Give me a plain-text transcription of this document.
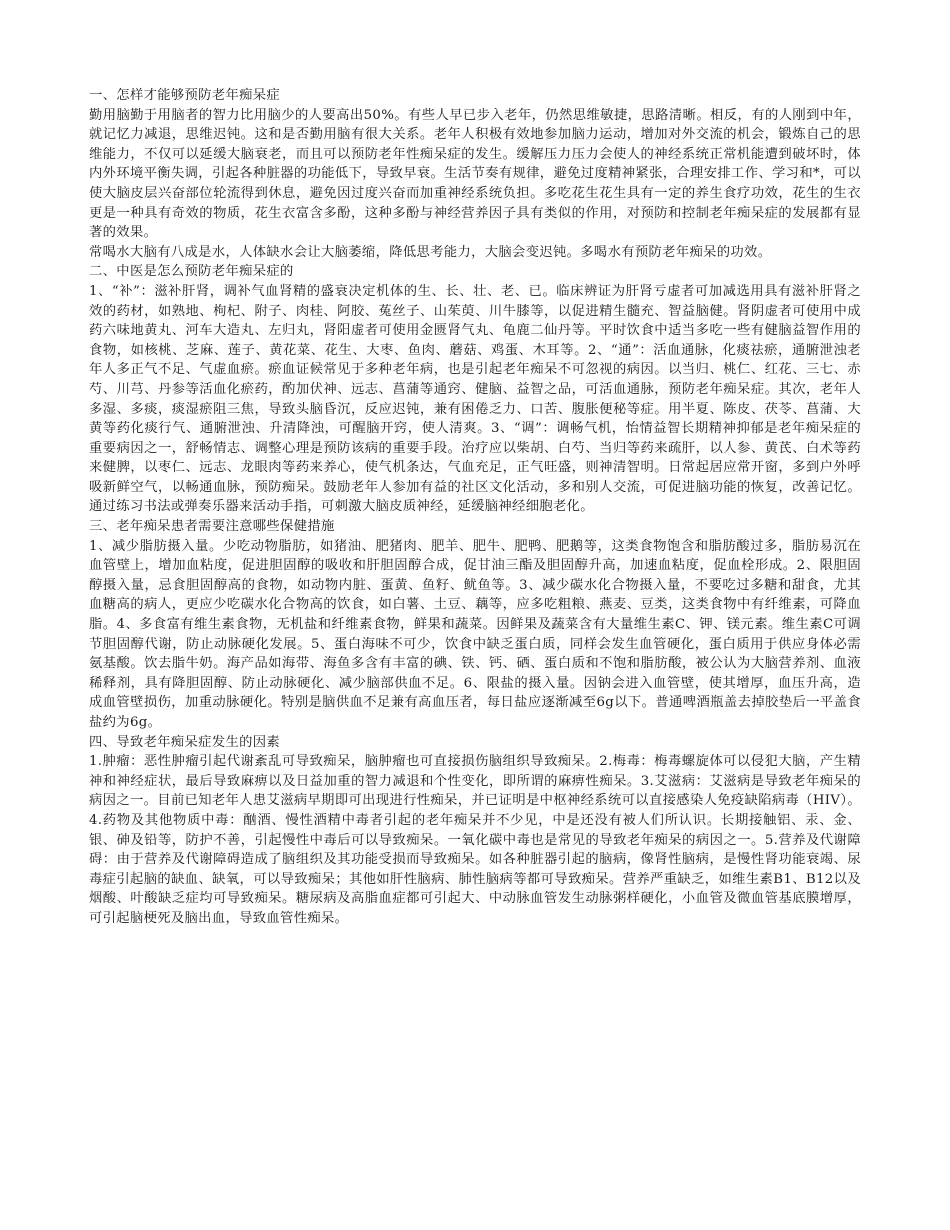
一、怎样才能够预防老年痴呆症

勤用脑勤于用脑者的智力比用脑少的人要高出50%。有些人早已步入老年，仍然思维敏捷，思路清晰。相反，有的人刚到中年，就记忆力减退，思维迟钝。这和是否勤用脑有很大关系。老年人积极有效地参加脑力运动，增加对外交流的机会，锻炼自己的思维能力，不仅可以延缓大脑衰老，而且可以预防老年性痴呆症的发生。缓解压力压力会使人的神经系统正常机能遭到破坏时，体内外环境平衡失调，引起各种脏器的功能低下，导致早衰。生活节奏有规律，避免过度精神紧张，合理安排工作、学习和*，可以使大脑皮层兴奋部位轮流得到休息，避免因过度兴奋而加重神经系统负担。多吃花生花生具有一定的养生食疗功效，花生的生衣更是一种具有奇效的物质，花生衣富含多酚，这种多酚与神经营养因子具有类似的作用，对预防和控制老年痴呆症的发展都有显著的效果。

常喝水大脑有八成是水，人体缺水会让大脑萎缩，降低思考能力，大脑会变迟钝。多喝水有预防老年痴呆的功效。

二、中医是怎么预防老年痴呆症的

1、“补”：滋补肝肾，调补气血肾精的盛衰决定机体的生、长、壮、老、已。临床辨证为肝肾亏虚者可加减选用具有滋补肝肾之效的药材，如熟地、枸杞、附子、肉桂、阿胶、菟丝子、山茱萸、川牛膝等，以促进精生髓充、智益脑健。肾阴虚者可使用中成药六味地黄丸、河车大造丸、左归丸，肾阳虚者可使用金匮肾气丸、龟鹿二仙丹等。平时饮食中适当多吃一些有健脑益智作用的食物，如核桃、芝麻、莲子、黄花菜、花生、大枣、鱼肉、蘑菇、鸡蛋、木耳等。2、“通”：活血通脉，化痰祛瘀，通腑泄浊老年人多正气不足、气虚血瘀。瘀血证候常见于多种老年病，也是引起老年痴呆不可忽视的病因。以当归、桃仁、红花、三七、赤芍、川芎、丹参等活血化瘀药，酌加伏神、远志、菖蒲等通窍、健脑、益智之品，可活血通脉，预防老年痴呆症。其次，老年人多湿、多痰，痰湿瘀阻三焦，导致头脑昏沉，反应迟钝，兼有困倦乏力、口苦、腹胀便秘等症。用半夏、陈皮、茯苓、菖蒲、大黄等药化痰行气、通腑泄浊、升清降浊，可醒脑开窍，使人清爽。3、“调”：调畅气机，怡情益智长期精神抑郁是老年痴呆症的重要病因之一，舒畅情志、调整心理是预防该病的重要手段。治疗应以柴胡、白芍、当归等药来疏肝，以人参、黄芪、白术等药来健脾，以枣仁、远志、龙眼肉等药来养心，使气机条达，气血充足，正气旺盛，则神清智明。日常起居应常开窗，多到户外呼吸新鲜空气，以畅通血脉，预防痴呆。鼓励老年人参加有益的社区文化活动，多和别人交流，可促进脑功能的恢复，改善记忆。通过练习书法或弹奏乐器来活动手指，可刺激大脑皮质神经，延缓脑神经细胞老化。

三、老年痴呆患者需要注意哪些保健措施

1、减少脂肪摄入量。少吃动物脂肪，如猪油、肥猪肉、肥羊、肥牛、肥鸭、肥鹅等，这类食物饱含和脂肪酸过多，脂肪易沉在血管壁上，增加血粘度，促进胆固醇的吸收和肝胆固醇合成，促甘油三酯及胆固醇升高，加速血粘度，促血栓形成。2、限胆固醇摄入量，忌食胆固醇高的食物，如动物内脏、蛋黄、鱼籽、鱿鱼等。3、减少碳水化合物摄入量，不要吃过多糖和甜食，尤其血糖高的病人，更应少吃碳水化合物高的饮食，如白薯、土豆、藕等，应多吃粗粮、燕麦、豆类，这类食物中有纤维素，可降血脂。4、多食富有维生素食物，无机盐和纤维素食物，鲜果和蔬菜。因鲜果及蔬菜含有大量维生素C、钾、镁元素。维生素C可调节胆固醇代谢，防止动脉硬化发展。5、蛋白海味不可少，饮食中缺乏蛋白质，同样会发生血管硬化，蛋白质用于供应身体必需氨基酸。饮去脂牛奶。海产品如海带、海鱼多含有丰富的碘、铁、钙、硒、蛋白质和不饱和脂肪酸，被公认为大脑营养剂、血液稀释剂，具有降胆固醇、防止动脉硬化、减少脑部供血不足。6、限盐的摄入量。因钠会进入血管壁，使其增厚，血压升高，造成血管壁损伤，加重动脉硬化。特别是脑供血不足兼有高血压者，每日盐应逐渐减至6g以下。普通啤酒瓶盖去掉胶垫后一平盖食盐约为6g。

四、导致老年痴呆症发生的因素

1.肿瘤：恶性肿瘤引起代谢紊乱可导致痴呆，脑肿瘤也可直接损伤脑组织导致痴呆。2.梅毒：梅毒螺旋体可以侵犯大脑，产生精神和神经症状，最后导致麻痹以及日益加重的智力减退和个性变化，即所谓的麻痹性痴呆。3.艾滋病：艾滋病是导致老年痴呆的病因之一。目前已知老年人患艾滋病早期即可出现进行性痴呆，并已证明是中枢神经系统可以直接感染人免疫缺陷病毒（HIV）。4.药物及其他物质中毒：酗酒、慢性酒精中毒者引起的老年痴呆并不少见，中是还没有被人们所认识。长期接触铝、汞、金、银、砷及铅等，防护不善，引起慢性中毒后可以导致痴呆。一氧化碳中毒也是常见的导致老年痴呆的病因之一。5.营养及代谢障碍：由于营养及代谢障碍造成了脑组织及其功能受损而导致痴呆。如各种脏器引起的脑病，像肾性脑病，是慢性肾功能衰竭、尿毒症引起脑的缺血、缺氧，可以导致痴呆；其他如肝性脑病、肺性脑病等都可导致痴呆。营养严重缺乏，如维生素B1、B12以及烟酸、叶酸缺乏症均可导致痴呆。糖尿病及高脂血症都可引起大、中动脉血管发生动脉粥样硬化，小血管及微血管基底膜增厚，可引起脑梗死及脑出血，导致血管性痴呆。
